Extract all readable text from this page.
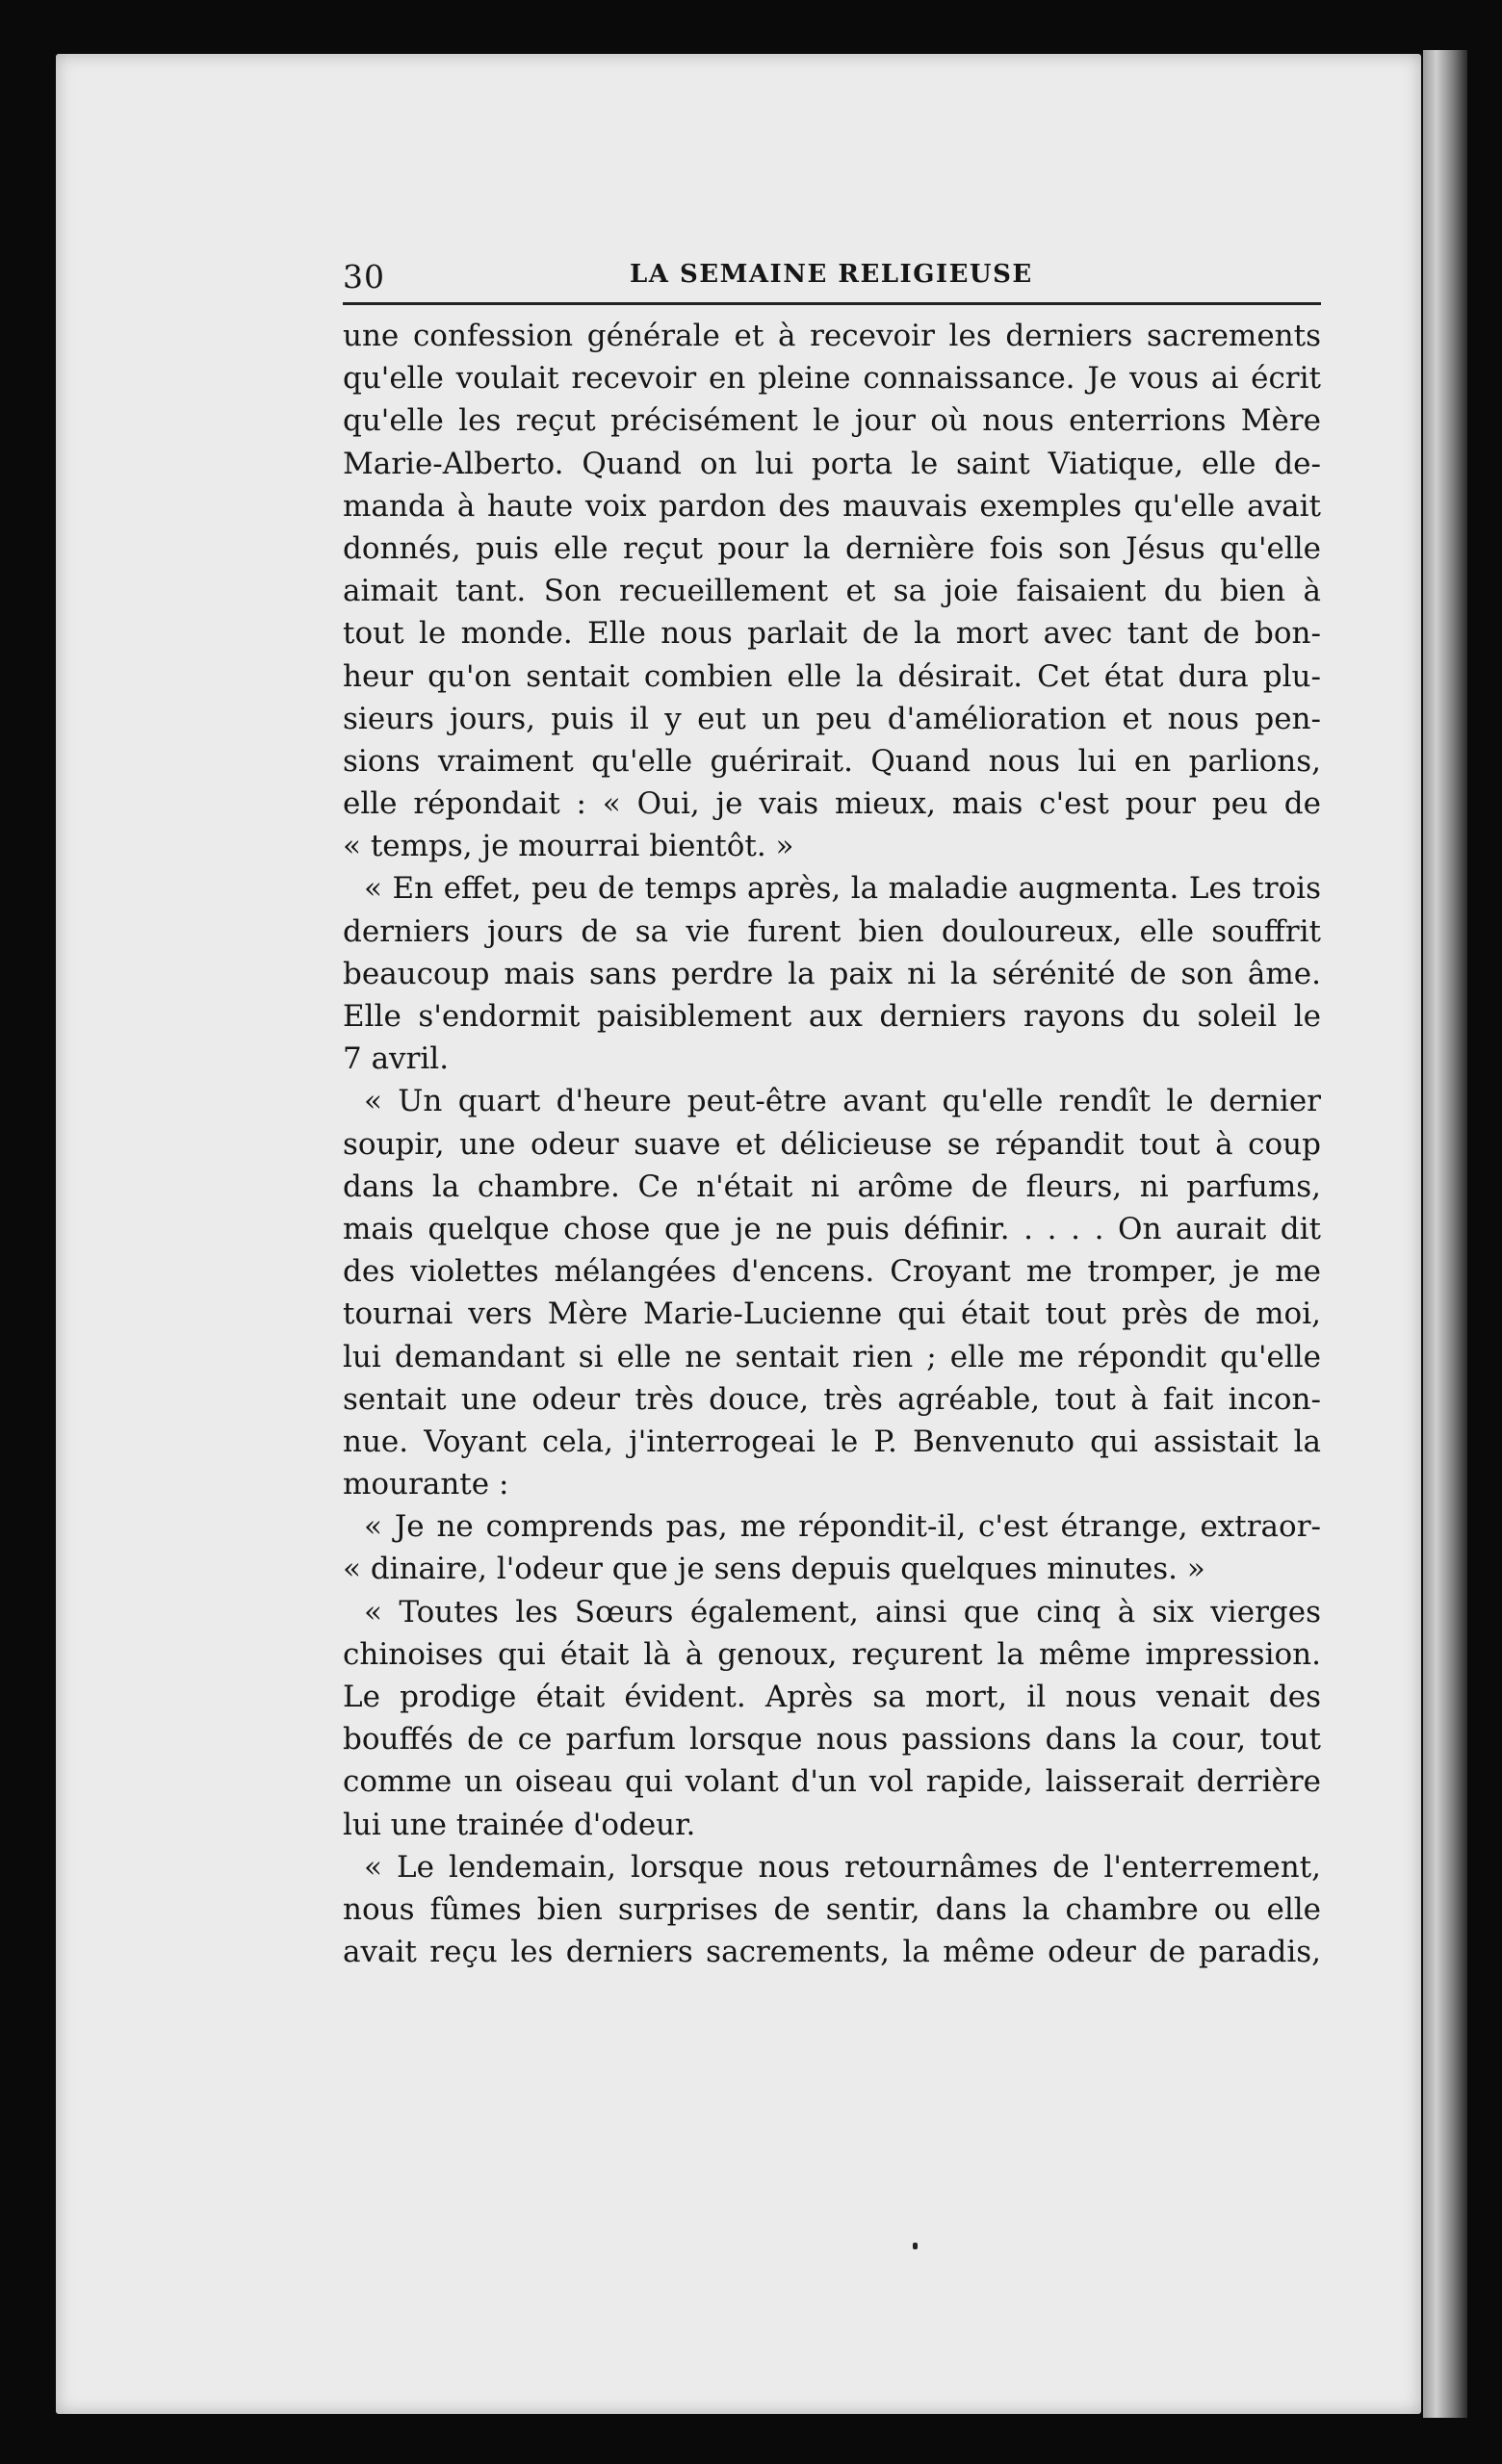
30	LA SEMAINE RELIGIEUSE
une confession générale et à recevoir les derniers sacrements
qu'elle voulait recevoir en pleine connaissance. Je vous ai écrit
qu'elle les reçut précisément le jour où nous enterrions Mère
Marie-Alberto. Quand on lui porta le saint Viatique, elle de-
manda à haute voix pardon des mauvais exemples qu'elle avait
donnés, puis elle reçut pour la dernière fois son Jésus qu'elle
aimait tant. Son recueillement et sa joie faisaient du bien à
tout le monde. Elle nous parlait de la mort avec tant de bon-
heur qu'on sentait combien elle la désirait. Cet état dura plu-
sieurs jours, puis il y eut un peu d'amélioration et nous pen-
sions vraiment qu'elle guérirait. Quand nous lui en parlions,
elle répondait : « Oui, je vais mieux, mais c'est pour peu de
« temps, je mourrai bientôt. »
« En effet, peu de temps après, la maladie augmenta. Les trois
derniers jours de sa vie furent bien douloureux, elle souffrit
beaucoup mais sans perdre la paix ni la sérénité de son âme.
Elle s'endormit paisiblement aux derniers rayons du soleil le
7 avril.
« Un quart d'heure peut-être avant qu'elle rendît le dernier
soupir, une odeur suave et délicieuse se répandit tout à coup
dans la chambre. Ce n'était ni arôme de fleurs, ni parfums,
mais quelque chose que je ne puis définir. . . . . On aurait dit
des violettes mélangées d'encens. Croyant me tromper, je me
tournai vers Mère Marie-Lucienne qui était tout près de moi,
lui demandant si elle ne sentait rien ; elle me répondit qu'elle
sentait une odeur très douce, très agréable, tout à fait incon-
nue. Voyant cela, j'interrogeai le P. Benvenuto qui assistait la
mourante :
« Je ne comprends pas, me répondit-il, c'est étrange, extraor-
« dinaire, l'odeur que je sens depuis quelques minutes. »
« Toutes les Sœurs également, ainsi que cinq à six vierges
chinoises qui était là à genoux, reçurent la même impression.
Le prodige était évident. Après sa mort, il nous venait des
bouffés de ce parfum lorsque nous passions dans la cour, tout
comme un oiseau qui volant d'un vol rapide, laisserait derrière
lui une trainée d'odeur.
« Le lendemain, lorsque nous retournâmes de l'enterrement,
nous fûmes bien surprises de sentir, dans la chambre ou elle
avait reçu les derniers sacrements, la même odeur de paradis,
